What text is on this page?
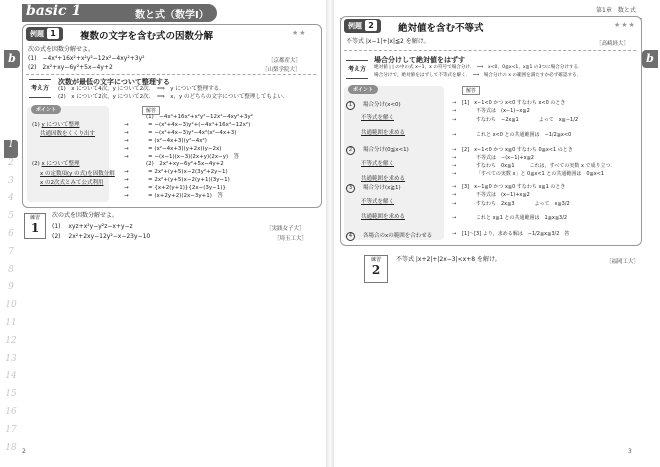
basic 1	数と式（数学Ⅰ）
b
1
2
3
4
5
6
7
8
9
10
11
12
13
14
15
16
17
18
例題 1	複数の文字を含む式の因数分解	★★
次の式を因数分解せよ。
(1) −4x⁴+16x²+x²y²−12x²−4xy²+3y²	［京都産大］
(2) 2x²+xy−6y²+5x−4y+2	［山梨学院大］
考え方
次数が最低の文字について整理する
(1)　x について4次，y について2次．　⟹　y について整理する．
(2)　x について2次，y について2次．　⟹　x，y のどちらの文字について整理してもよい．
ポイント
(1) y について整理
共通因数をくくり出す
(2) x について整理
x の定数項(y の式)を因数分解
x の2次式とみて公式利用
解答
(1)　−4x⁴+16x²+x²y²−12x²−4xy²+3y²
→	= −(x²+4x−3)y²+(−4x⁴+16x³−12x²)
→	= −(x²+4x−3)y²−4x²(x²−4x+3)
→	= (x²−4x+3)(y²−4x²)
→	= (x²−4x+3)(y+2x)(y−2x)
→	= −(x−1)(x−3)(2x+y)(2x−y)　答
(2)　2x²+xy−6y²+5x−4y+2
→	= 2x²+(y+5)x−2(3y²+2y−1)
→	= 2x²+(y+5)x−2(y+1)(3y−1)
→	= {x+2(y+1)}{2x−(3y−1)}
→	= (x+2y+2)(2x−3y+1)　答
練習
1
次の式を因数分解せよ。
(1) xyz+x²y−y²z−x+y−z	［実践女子大］
(2) 2x²+2xy−12y²−x−23y−10	［埼玉工大］
2
第1章　数と式
b
例題 2	絶対値を含む不等式	★★★
不等式 |x−1|+|x|≦2 を解け。	［高崎経大］
考え方
場合分けして絶対値をはずす
絶対値 | | の中の式 x−1，x の符号で場合分け．　⟹　x<0，0≦x<1，x≧1 の3つに場合分けする．
場合分けで，絶対値をはずして不等式を解く．　⟹　場合分けの x の範囲を満たすか必ず確認する．
ポイント
1 場合分け(x<0)
不等式を解く
共通範囲を求める
2 場合分け(0≦x<1)
不等式を解く
共通範囲を求める
3 場合分け(x≧1)
不等式を解く
共通範囲を求める
4 各場合のxの範囲を合わせる
解答
→ [1]　x−1<0 かつ x<0 すなわち x<0 のとき
→	不等式は　(x−1)−x≦2
→	すなわち　−2x≦1　　　　よって　x≧−1/2
→	これと x<0 との共通範囲は　−1/2≦x<0
→ [2]　x−1<0 かつ x≧0 すなわち 0≦x<1 のとき
→	不等式は　−(x−1)+x≦2
→	すなわち　0x≦1　　　これは，すべての実数 x で成り立つ．
→	「すべての実数 x」と 0≦x<1 との共通範囲は　0≦x<1
→ [3]　x−1≧0 かつ x≧0 すなわち x≧1 のとき
→	不等式は　(x−1)+x≦2
→	すなわち　2x≦3　　　　よって　x≦3/2
→	これと x≧1 との共通範囲は　1≦x≦3/2
→ [1]〜[3] より，求める解は　−1/2≦x≦3/2　答
練習
2
不等式 |x+2|+|2x−3|<x+8 を解け。	［福岡工大］
3
